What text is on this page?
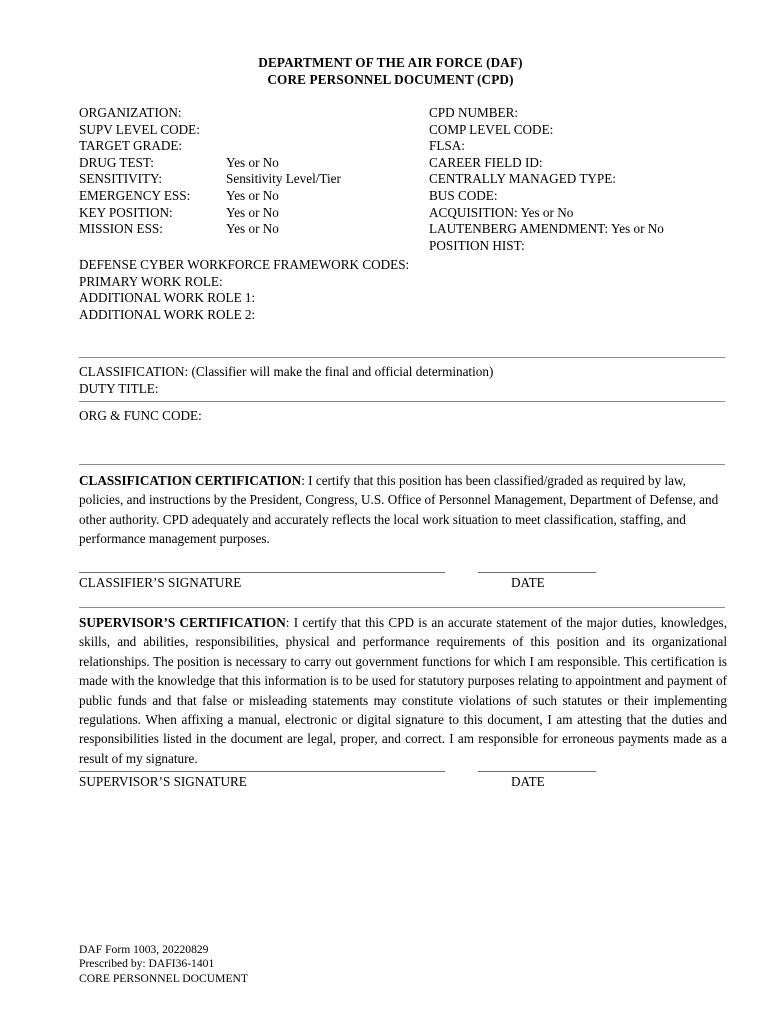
DEPARTMENT OF THE AIR FORCE (DAF)
CORE PERSONNEL DOCUMENT (CPD)
ORGANIZATION:	CPD NUMBER:
SUPV LEVEL CODE:	COMP LEVEL CODE:
TARGET GRADE:	FLSA:
DRUG TEST:	Yes or No	CAREER FIELD ID:
SENSITIVITY:	Sensitivity Level/Tier	CENTRALLY MANAGED TYPE:
EMERGENCY ESS:	Yes or No	BUS CODE:
KEY POSITION:	Yes or No	ACQUISITION: Yes or No
MISSION ESS:	Yes or No	LAUTENBERG AMENDMENT: Yes or No
POSITION HIST:
DEFENSE CYBER WORKFORCE FRAMEWORK CODES:
PRIMARY WORK ROLE:
ADDITIONAL WORK ROLE 1:
ADDITIONAL WORK ROLE 2:
CLASSIFICATION: (Classifier will make the final and official determination)
DUTY TITLE:
ORG & FUNC CODE:
CLASSIFICATION CERTIFICATION: I certify that this position has been classified/graded as required by law, policies, and instructions by the President, Congress, U.S. Office of Personnel Management, Department of Defense, and other authority. CPD adequately and accurately reflects the local work situation to meet classification, staffing, and performance management purposes.
CLASSIFIER’S SIGNATURE	DATE
SUPERVISOR’S CERTIFICATION: I certify that this CPD is an accurate statement of the major duties, knowledges, skills, and abilities, responsibilities, physical and performance requirements of this position and its organizational relationships. The position is necessary to carry out government functions for which I am responsible. This certification is made with the knowledge that this information is to be used for statutory purposes relating to appointment and payment of public funds and that false or misleading statements may constitute violations of such statutes or their implementing regulations. When affixing a manual, electronic or digital signature to this document, I am attesting that the duties and responsibilities listed in the document are legal, proper, and correct. I am responsible for erroneous payments made as a result of my signature.
SUPERVISOR’S SIGNATURE	DATE
DAF Form 1003, 20220829
Prescribed by: DAFI36-1401
CORE PERSONNEL DOCUMENT
